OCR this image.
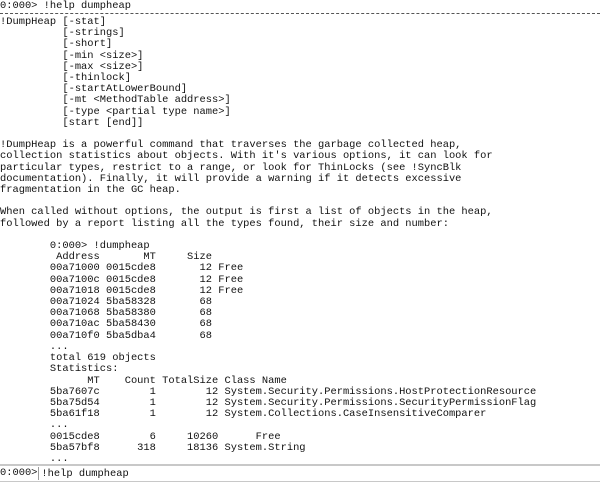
0:000> !help dumpheap
!DumpHeap [-stat]
[-strings]
[-short]
[-min <size>]
[-max <size>]
[-thinlock]
[-startAtLowerBound]
[-mt <MethodTable address>]
[-type <partial type name>]
[start [end]]

!DumpHeap is a powerful command that traverses the garbage collected heap,
collection statistics about objects. With it's various options, it can look for
particular types, restrict to a range, or look for ThinLocks (see !SyncBlk
documentation). Finally, it will provide a warning if it detects excessive
fragmentation in the GC heap.

When called without options, the output is first a list of objects in the heap,
followed by a report listing all the types found, their size and number:

0:000> !dumpheap
Address       MT     Size
00a71000 0015cde8       12 Free
00a7100c 0015cde8       12 Free
00a71018 0015cde8       12 Free
00a71024 5ba58328       68
00a71068 5ba58380       68
00a710ac 5ba58430       68
00a710f0 5ba5dba4       68
...
total 619 objects
Statistics:
MT    Count TotalSize Class Name
5ba7607c        1        12 System.Security.Permissions.HostProtectionResource
5ba75d54        1        12 System.Security.Permissions.SecurityPermissionFlag
5ba61f18        1        12 System.Collections.CaseInsensitiveComparer
...
0015cde8        6     10260      Free
5ba57bf8      318     18136 System.String
...
0:000>
!help dumpheap
